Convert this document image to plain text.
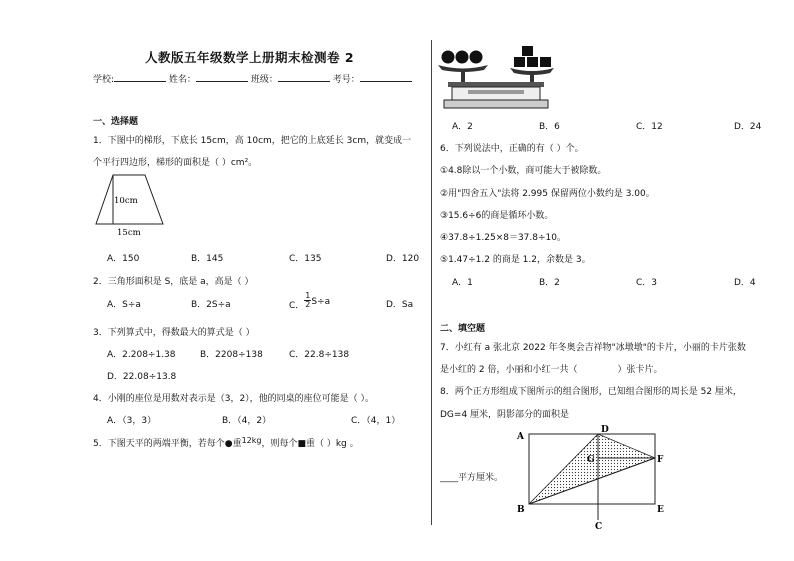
人教版五年级数学上册期末检测卷 2
学校:	姓名：	班级：	考号：
一、选择题
1．下图中的梯形，下底长 15cm，高 10cm，把它的上底延长 3cm，就变成一
个平行四边形，梯形的面积是（ ）cm²。
10cm
15cm
A．150	B．145	C．135	D．120
2．三角形面积是 S，底是 a，高是（ ）
A．S÷a	B．2S÷a	C． $\frac{1}{2} S\div a$	D．Sa
3．下列算式中，得数最大的算式是（ ）
A．2.208÷1.38	B．2208÷138	C．22.8÷138
D．22.08÷13.8
4．小刚的座位是用数对表示是（3，2），他的同桌的座位可能是（ ）。
A．（3，3）	B．（4，2）	C．（4，1）
5．下图天平的两端平衡，若每个●重12kg，则每个■重（ ）kg 。
A．2	B．6	C．12	D．24
6．下列说法中，正确的有（ ）个。
①4.8除以一个小数，商可能大于被除数。
②用"四舍五入"法将 2.995 保留两位小数约是 3.00。
③15.6÷6的商是循环小数。
④37.8÷1.25×8＝37.8÷10。
⑤1.47÷1.2 的商是 1.2，余数是 3。
A．1	B．2	C．3	D．4
二、填空题
7．小红有 a 张北京 2022 年冬奥会吉祥物"冰墩墩"的卡片，小丽的卡片张数
是小红的 2 倍，小丽和小红一共（	）张卡片。
8．两个正方形组成下图所示的组合图形，已知组合图形的周长是 52 厘米，
DG=4 厘米，阴影部分的面积是
____平方厘米。
A
B
C
D
E
F
G
